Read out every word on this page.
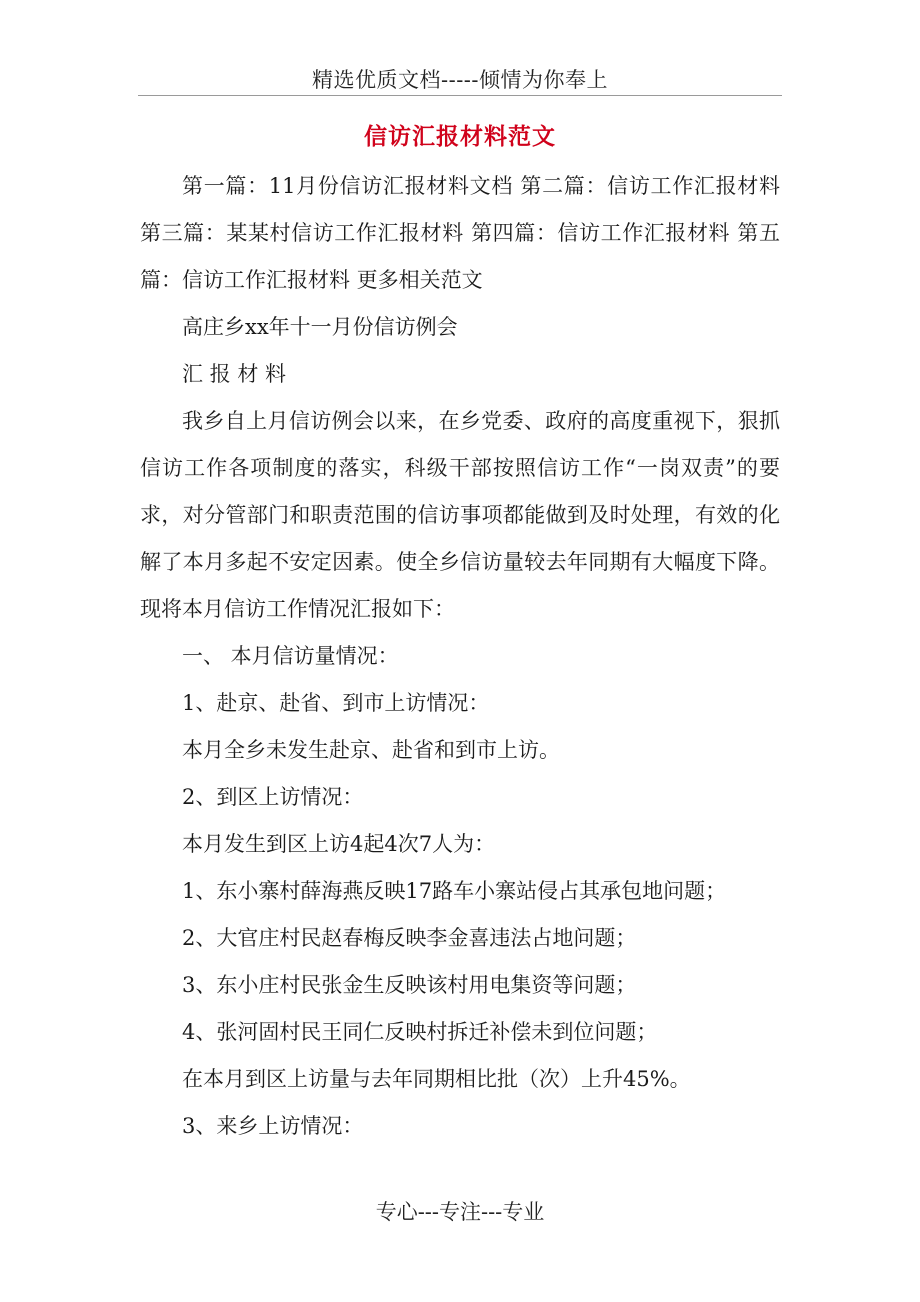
精选优质文档-----倾情为你奉上
信访汇报材料范文

第一篇：11月份信访汇报材料文档 第二篇：信访工作汇报材料 第三篇：某某村信访工作汇报材料 第四篇：信访工作汇报材料 第五篇：信访工作汇报材料 更多相关范文

高庄乡xx年十一月份信访例会

汇 报 材 料

我乡自上月信访例会以来，在乡党委、政府的高度重视下，狠抓信访工作各项制度的落实，科级干部按照信访工作“一岗双责”的要求，对分管部门和职责范围的信访事项都能做到及时处理，有效的化解了本月多起不安定因素。使全乡信访量较去年同期有大幅度下降。现将本月信访工作情况汇报如下：

一、 本月信访量情况：

1、赴京、赴省、到市上访情况：

本月全乡未发生赴京、赴省和到市上访。

2、到区上访情况：

本月发生到区上访4起4次7人为：

1、东小寨村薛海燕反映17路车小寨站侵占其承包地问题；

2、大官庄村民赵春梅反映李金喜违法占地问题；

3、东小庄村民张金生反映该村用电集资等问题；

4、张河固村民王同仁反映村拆迁补偿未到位问题；

在本月到区上访量与去年同期相比批（次）上升45%。

3、来乡上访情况：

专心---专注---专业
